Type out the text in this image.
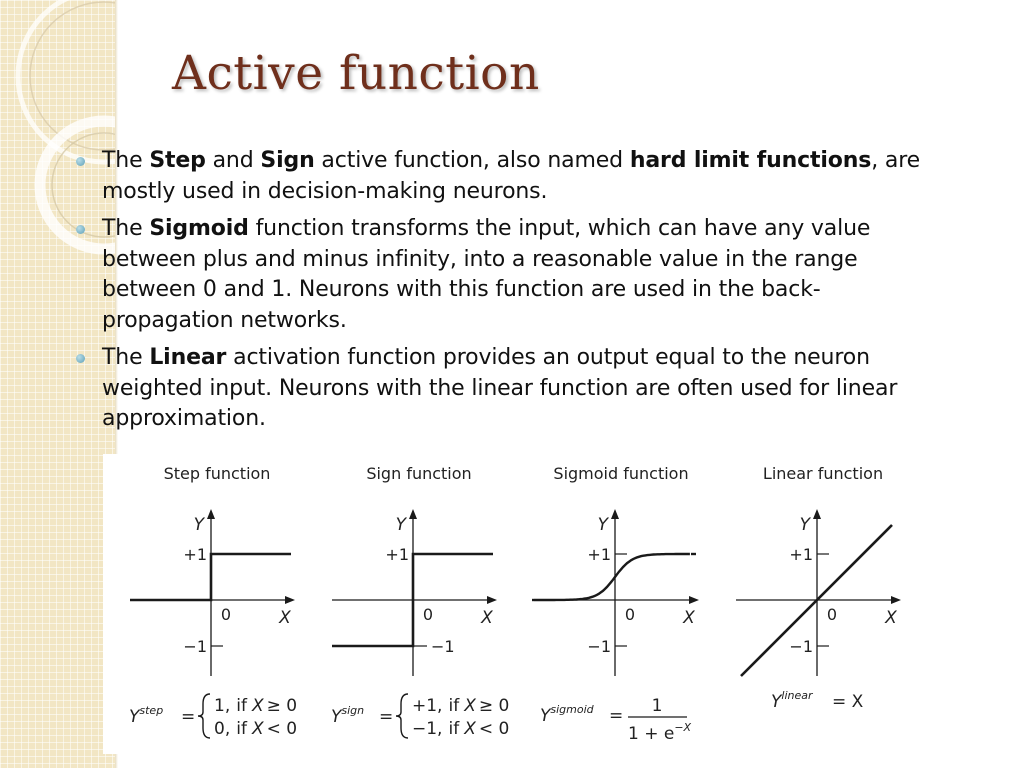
Active function
The Step and Sign active function, also named hard limit functions, are mostly used in decision-making neurons.
The Sigmoid function transforms the input, which can have any value between plus and minus infinity, into a reasonable value in the range between 0 and 1. Neurons with this function are used in the back-propagation networks.
The Linear activation function provides an output equal to the neuron weighted input. Neurons with the linear function are often used for linear approximation.
Step function
Y
X
0
+1
−1
$Y^{step}$ =
1, if X ≥ 0
0, if X < 0
Sign function
Y
X
0
+1
−1
$Y^{sign}$ =
+1, if X ≥ 0
−1, if X < 0
Sigmoid function
Y
X
0
+1
−1
$Y^{sigmoid} = 1$
$1 + e^{-X}$
Linear function
Y
X
0
+1
−1
$Y^{linear} = X$
